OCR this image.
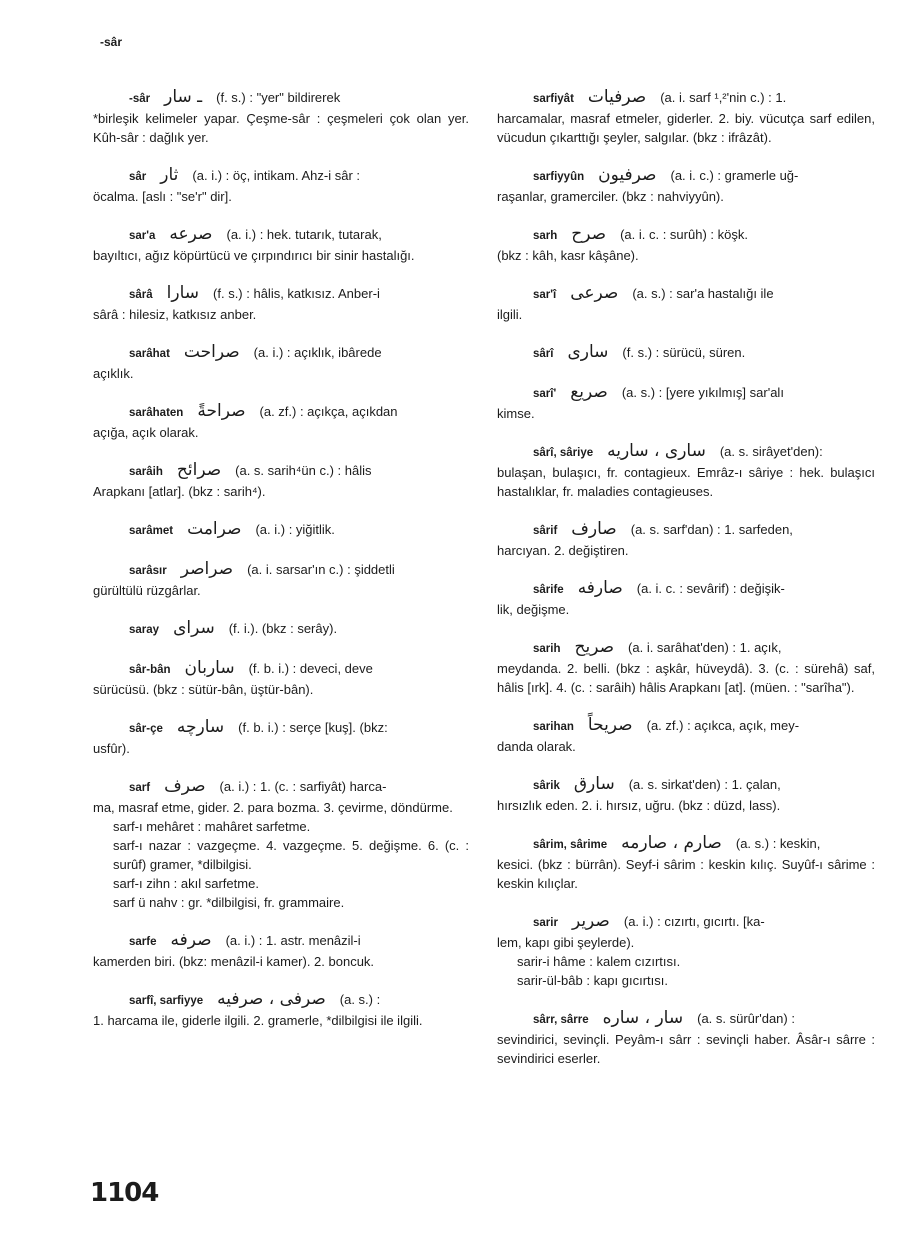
-sâr
-sâr ـ سار (f. s.) : "yer" bildirerek
*birleşik kelimeler yapar. Çeşme-sâr : çeşmeleri çok olan yer. Kûh-sâr : dağlık yer.
sâr ثار (a. i.) : öç, intikam. Ahz-i sâr :
öcalma. [aslı : "se'r" dir].
sar'a صرعه (a. i.) : hek. tutarık, tutarak,
bayıltıcı, ağız köpürtücü ve çırpındırıcı bir sinir hastalığı.
sârâ سارا (f. s.) : hâlis, katkısız. Anber-i
sârâ : hilesiz, katkısız anber.
sarâhat صراحت (a. i.) : açıklık, ibârede
açıklık.
sarâhaten صراحةً (a. zf.) : açıkça, açıkdan
açığa, açık olarak.
sarâih صرائح (a. s. sarih⁴ün c.) : hâlis
Arapkanı [atlar]. (bkz : sarih⁴).
sarâmet صرامت (a. i.) : yiğitlik.
sarâsır صراصر (a. i. sarsar'ın c.) : şiddetli
gürültülü rüzgârlar.
saray سراى (f. i.). (bkz : serây).
sâr-bân ساربان (f. b. i.) : deveci, deve
sürücüsü. (bkz : sütür-bân, üştür-bân).
sâr-çe سارچه (f. b. i.) : serçe [kuş]. (bkz:
usfûr).
sarf صرف (a. i.) : 1. (c. : sarfiyât) harca-
ma, masraf etme, gider. 2. para bozma. 3. çevirme, döndürme.
sarf-ı mehâret : mahâret sarfetme.
sarf-ı nazar : vazgeçme. 4. vazgeçme. 5. değişme. 6. (c. : surûf) gramer, *dilbilgisi.
sarf-ı zihn : akıl sarfetme.
sarf ü nahv : gr. *dilbilgisi, fr. grammaire.
sarfe صرفه (a. i.) : 1. astr. menâzil-i
kamerden biri. (bkz: menâzil-i kamer). 2. boncuk.
sarfî, sarfiyye صرفى ، صرفيه (a. s.) :
1. harcama ile, giderle ilgili. 2. gramerle, *dilbilgisi ile ilgili.
sarfiyât صرفيات (a. i. sarf ¹,²'nin c.) : 1.
harcamalar, masraf etmeler, giderler. 2. biy. vücutça sarf edilen, vücudun çıkarttığı şeyler, salgılar. (bkz : ifrâzât).
sarfiyyûn صرفيون (a. i. c.) : gramerle uğ-
raşanlar, gramerciler. (bkz : nahviyyûn).
sarh صرح (a. i. c. : surûh) : köşk.
(bkz : kâh, kasr kâşâne).
sar'î صرعى (a. s.) : sar'a hastalığı ile
ilgili.
sârî سارى (f. s.) : sürücü, süren.
sarî' صريع (a. s.) : [yere yıkılmış] sar'alı
kimse.
sârî, sâriye سارى ، ساريه (a. s. sirâyet'den):
bulaşan, bulaşıcı, fr. contagieux. Emrâz-ı sâriye : hek. bulaşıcı hastalıklar, fr. maladies contagieuses.
sârif صارف (a. s. sarf'dan) : 1. sarfeden,
harcıyan. 2. değiştiren.
sârife صارفه (a. i. c. : sevârif) : değişik-
lik, değişme.
sarih صريح (a. i. sarâhat'den) : 1. açık,
meydanda. 2. belli. (bkz : aşkâr, hüveydâ). 3. (c. : sürehâ) saf, hâlis [ırk]. 4. (c. : sarâih) hâlis Arapkanı [at]. (müen. : "sarîha").
sarihan صريحاً (a. zf.) : açıkca, açık, mey-
danda olarak.
sârik سارق (a. s. sirkat'den) : 1. çalan,
hırsızlık eden. 2. i. hırsız, uğru. (bkz : düzd, lass).
sârim, sârime صارم ، صارمه (a. s.) : keskin,
kesici. (bkz : bürrân). Seyf-i sârim : keskin kılıç. Suyûf-ı sârime : keskin kılıçlar.
sarir صرير (a. i.) : cızırtı, gıcırtı. [ka-
lem, kapı gibi şeylerde).
sarir-i hâme : kalem cızırtısı.
sarir-ül-bâb : kapı gıcırtısı.
sârr, sârre سار ، ساره (a. s. sürûr'dan) :
sevindirici, sevinçli. Peyâm-ı sârr : sevinçli haber. Âsâr-ı sârre : sevindirici eserler.
1104
